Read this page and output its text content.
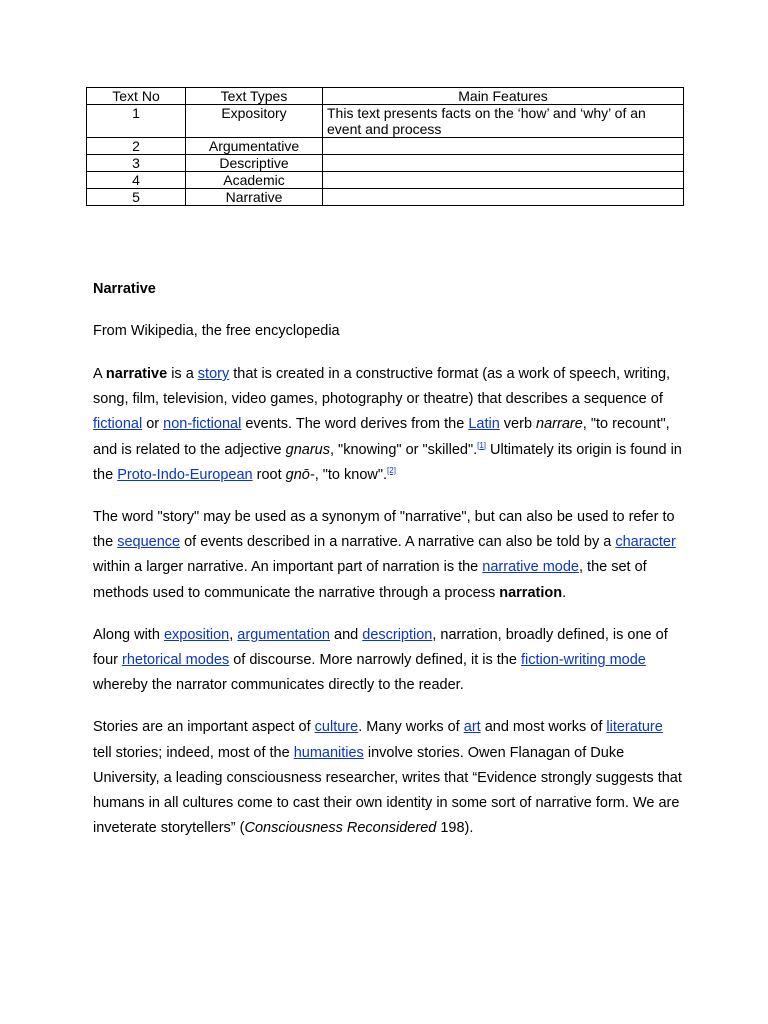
Text No	Text Types	Main Features
1	Expository	This text presents facts on the ‘how’ and ‘why’ of an event and process
2	Argumentative	
3	Descriptive	
4	Academic	
5	Narrative	
Narrative
From Wikipedia, the free encyclopedia

A narrative is a story that is created in a constructive format (as a work of speech, writing, song, film, television, video games, photography or theatre) that describes a sequence of fictional or non-fictional events. The word derives from the Latin verb narrare, "to recount", and is related to the adjective gnarus, "knowing" or "skilled".[1] Ultimately its origin is found in the Proto-Indo-European root gnō-, "to know".[2]

The word "story" may be used as a synonym of "narrative", but can also be used to refer to the sequence of events described in a narrative. A narrative can also be told by a character within a larger narrative. An important part of narration is the narrative mode, the set of methods used to communicate the narrative through a process narration.

Along with exposition, argumentation and description, narration, broadly defined, is one of four rhetorical modes of discourse. More narrowly defined, it is the fiction-writing mode whereby the narrator communicates directly to the reader.

Stories are an important aspect of culture. Many works of art and most works of literature tell stories; indeed, most of the humanities involve stories. Owen Flanagan of Duke University, a leading consciousness researcher, writes that “Evidence strongly suggests that humans in all cultures come to cast their own identity in some sort of narrative form. We are inveterate storytellers” (Consciousness Reconsidered 198).
